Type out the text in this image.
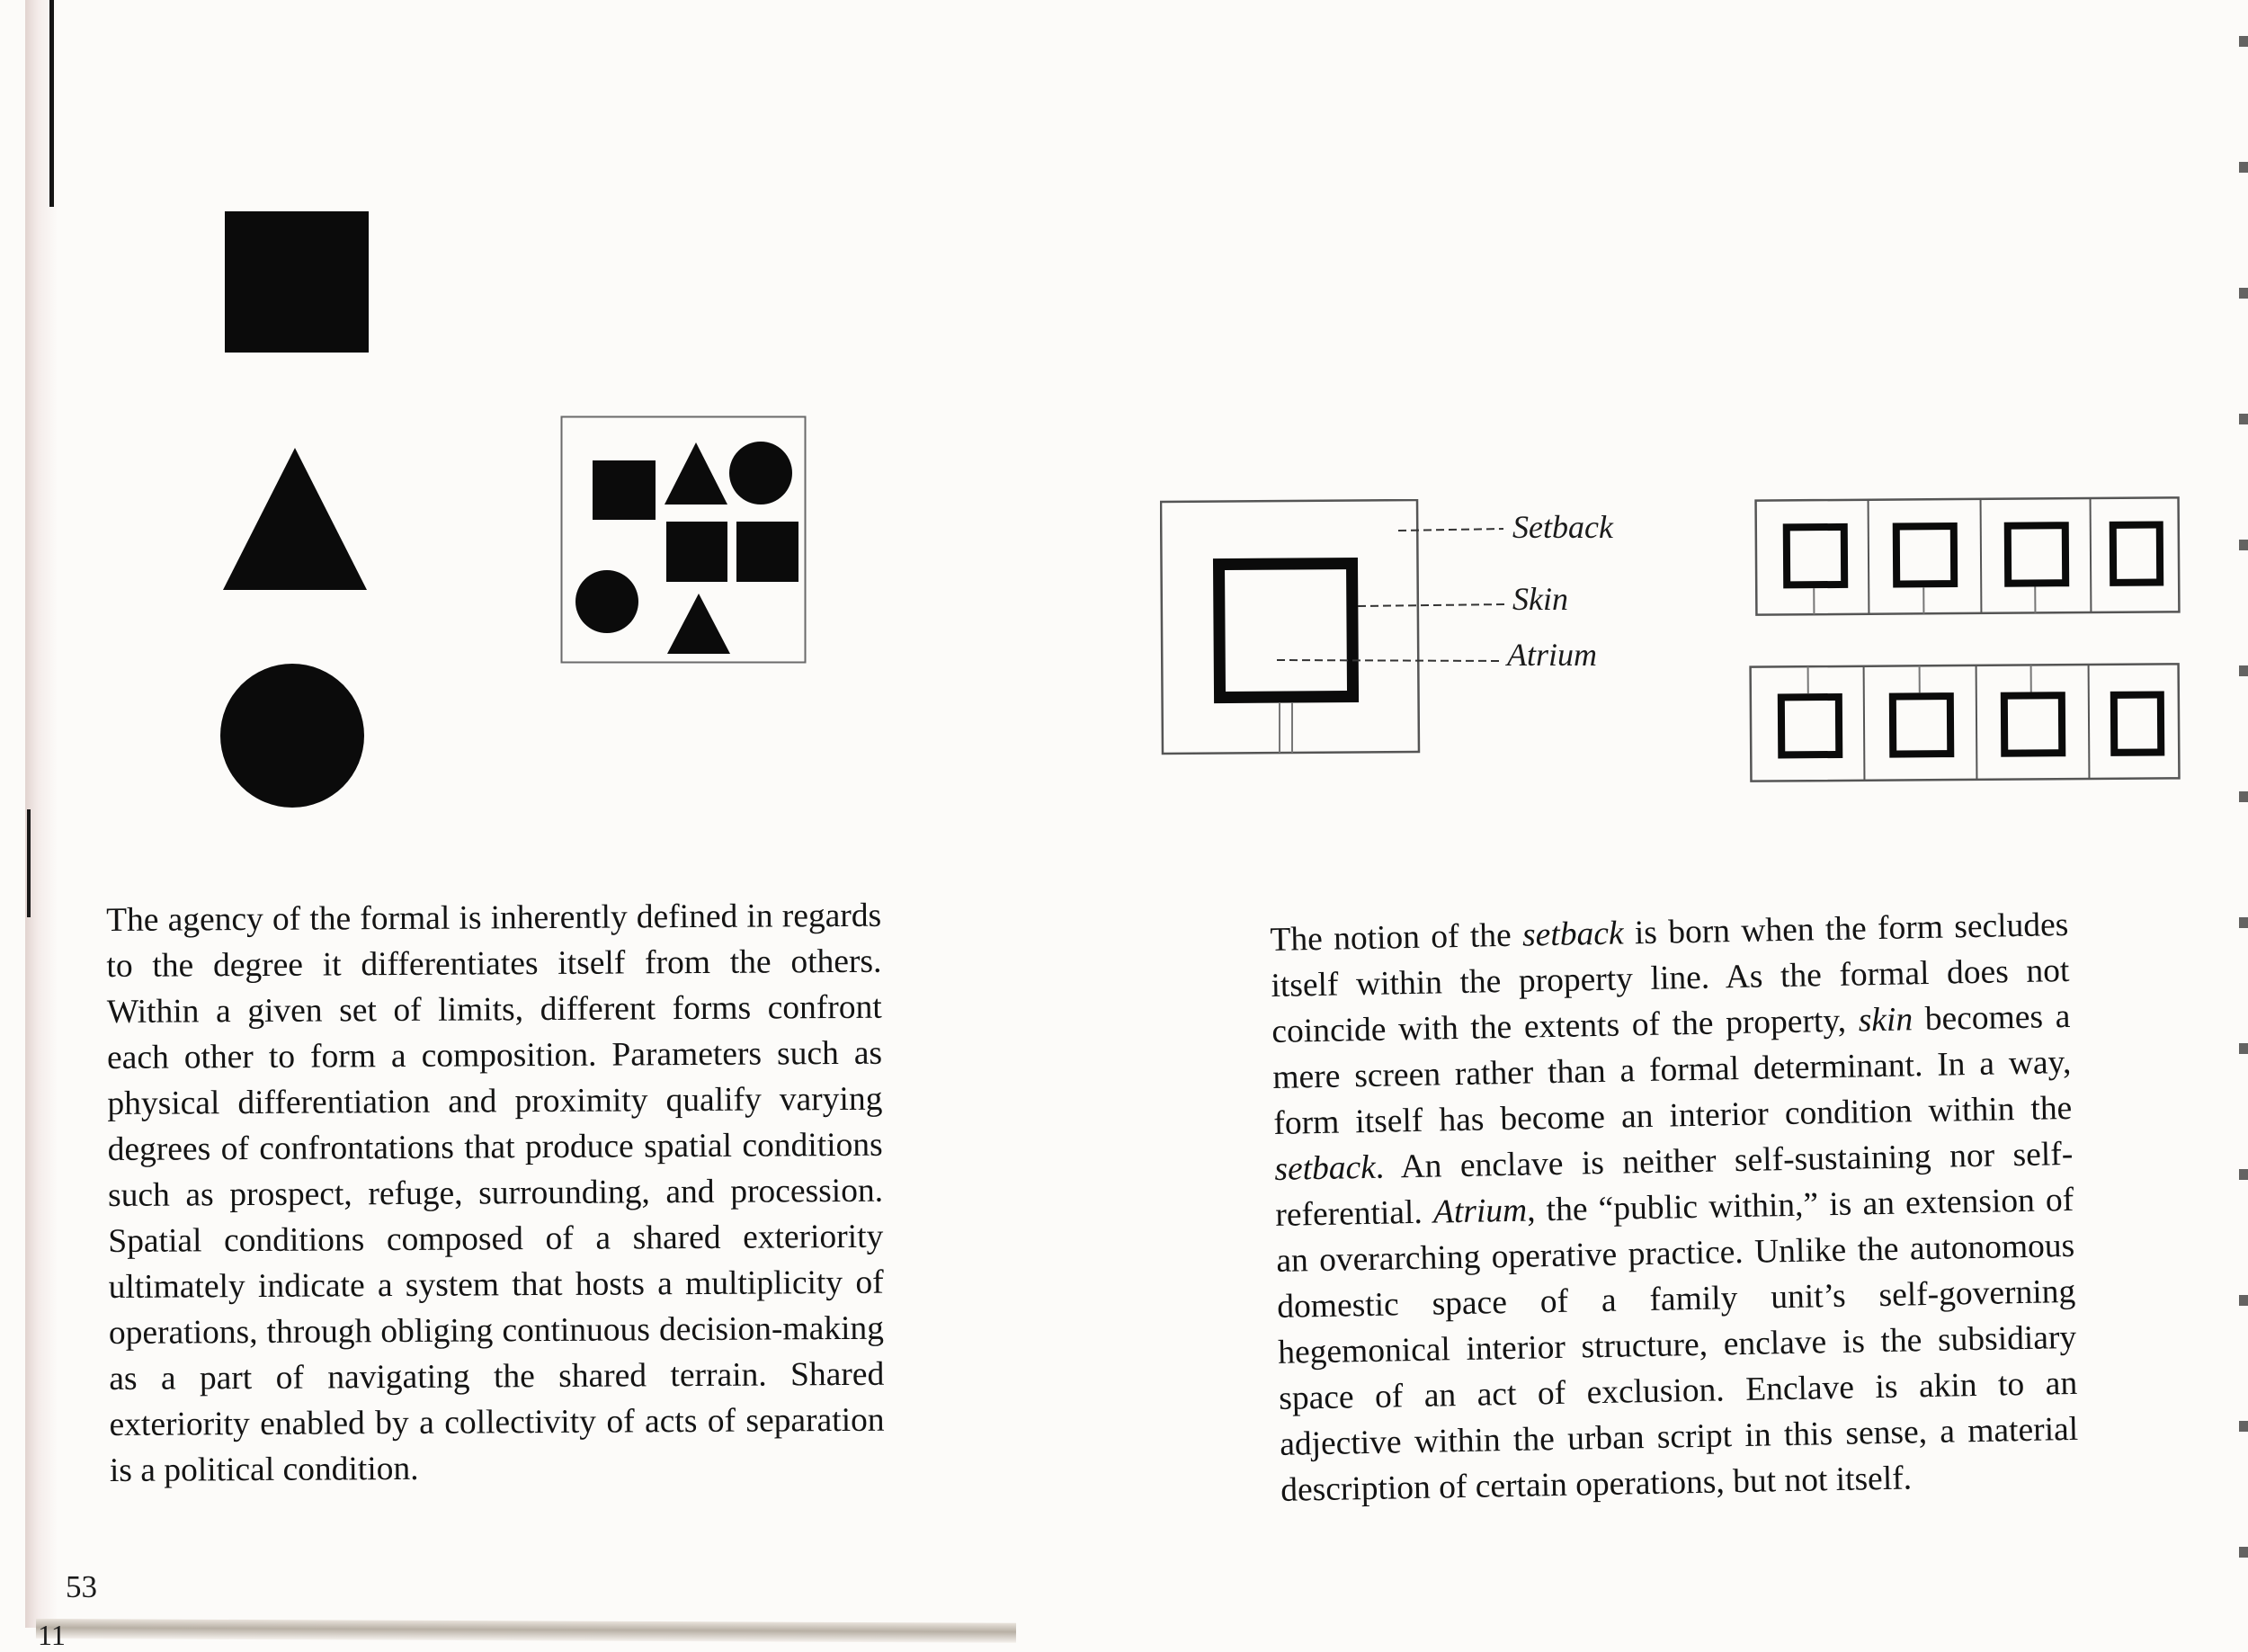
The agency of the formal is inherently defined in regards to the degree it differentiates itself from the others. Within a given set of limits, different forms confront each other to form a composition. Parameters such as physical differentiation and proximity qualify varying degrees of confrontations that produce spatial conditions such as prospect, refuge, surrounding, and procession. Spatial conditions composed of a shared exteriority ultimately indicate a system that hosts a multiplicity of operations, through obliging continuous decision-making as a part of navigating the shared terrain. Shared exteriority enabled by a collectivity of acts of separation is a political condition.

53
11
Setback
Skin
Atrium

The notion of the setback is born when the form secludes itself within the property line. As the formal does not coincide with the extents of the property, skin becomes a mere screen rather than a formal determinant. In a way, form itself has become an interior condition within the setback. An enclave is neither self-sustaining nor self-referential. Atrium, the “public within,” is an extension of an overarching operative practice. Unlike the autonomous domestic space of a family unit’s self-governing hegemonical interior structure, enclave is the subsidiary space of an act of exclusion. Enclave is akin to an adjective within the urban script in this sense, a material description of certain operations, but not itself.
